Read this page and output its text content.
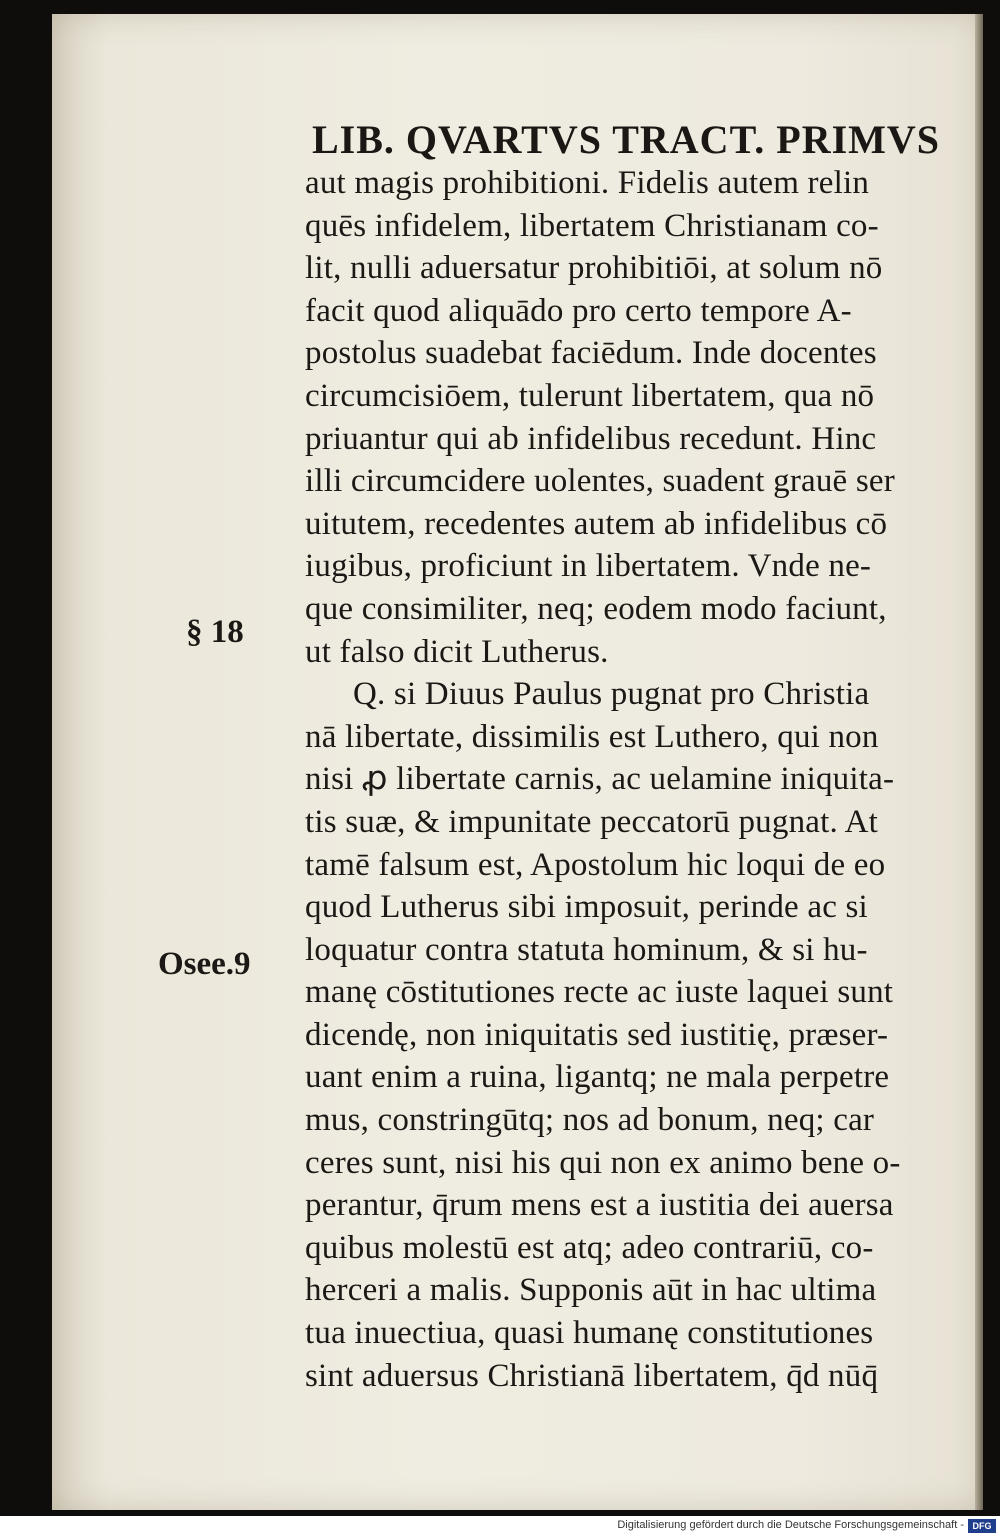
LIB. QVARTVS TRACT. PRIMVS
aut magis prohibitioni. Fidelis autem relin
quēs infidelem, libertatem Christianam co-
lit, nulli aduersatur prohibitiōi, at solum nō
facit quod aliquādo pro certo tempore A-
postolus suadebat faciēdum. Inde docentes
circumcisiōem, tulerunt libertatem, qua nō
priuantur qui ab infidelibus recedunt. Hinc
illi circumcidere uolentes, suadent grauē ser
uitutem, recedentes autem ab infidelibus cō
iugibus, proficiunt in libertatem. Vnde ne-
que consimiliter, neq; eodem modo faciunt,
ut falso dicit Lutherus.
Q. si Diuus Paulus pugnat pro Christia
nā libertate, dissimilis est Luthero, qui non
nisi ꝓ libertate carnis, ac uelamine iniquita-
tis suæ, & impunitate peccatorū pugnat. At
tamē falsum est, Apostolum hic loqui de eo
quod Lutherus sibi imposuit, perinde ac si
loquatur contra statuta hominum, & si hu-
manę cōstitutiones recte ac iuste laquei sunt
dicendę, non iniquitatis sed iustitię, præser-
uant enim a ruina, ligantq; ne mala perpetre
mus, constringūtq; nos ad bonum, neq; car
ceres sunt, nisi his qui non ex animo bene o-
perantur, q̄rum mens est a iustitia dei auersa
quibus molestū est atq; adeo contrariū, co-
herceri a malis. Supponis aūt in hac ultima
tua inuectiua, quasi humanę constitutiones
sint aduersus Christianā libertatem, q̄d nūq̄
§ 18
Osee.9
Digitalisierung gefördert durch die Deutsche Forschungsgemeinschaft - DFG
